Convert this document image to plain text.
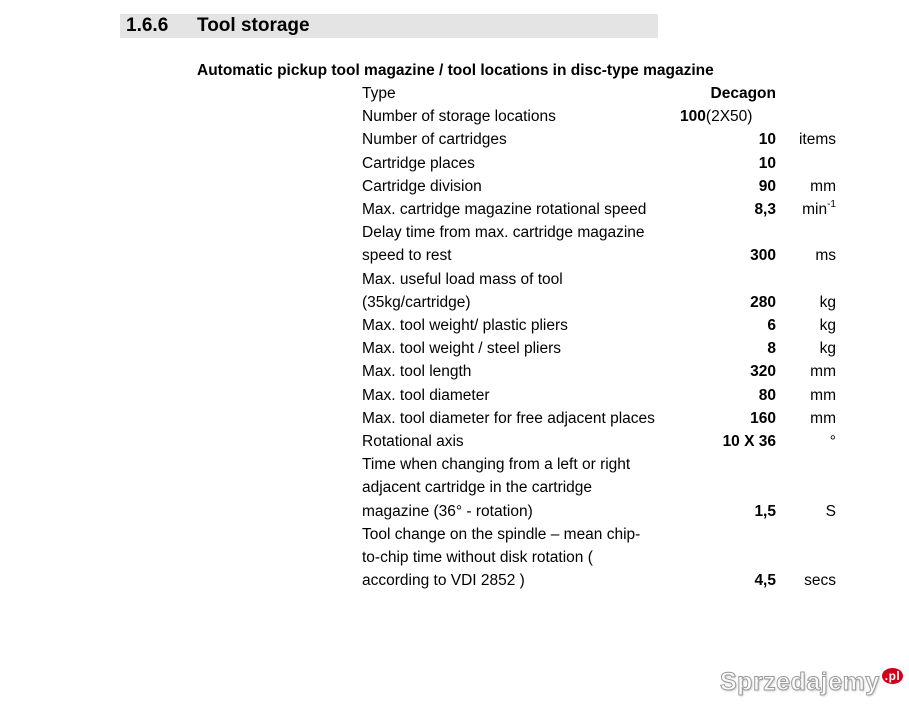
1.6.6 Tool storage
Automatic pickup tool magazine / tool locations in disc-type magazine
Type	Decagon
Number of storage locations	100(2X50)
Number of cartridges	10	items
Cartridge places	10
Cartridge division	90	mm
Max. cartridge magazine rotational speed	8,3	$\min^{-1}$
Delay time from max. cartridge magazine
speed to rest	300	ms
Max. useful load mass of tool
(35kg/cartridge)	280	kg
Max. tool weight/ plastic pliers	6	kg
Max. tool weight / steel pliers	8	kg
Max. tool length	320	mm
Max. tool diameter	80	mm
Max. tool diameter for free adjacent places	160	mm
Rotational axis	10 X 36	°
Time when changing from a left or right
adjacent cartridge in the cartridge
magazine (36° - rotation)	1,5	S
Tool change on the spindle – mean chip-
to-chip time without disk rotation (
according to VDI 2852 )	4,5	secs
Sprzedajemy .pl
